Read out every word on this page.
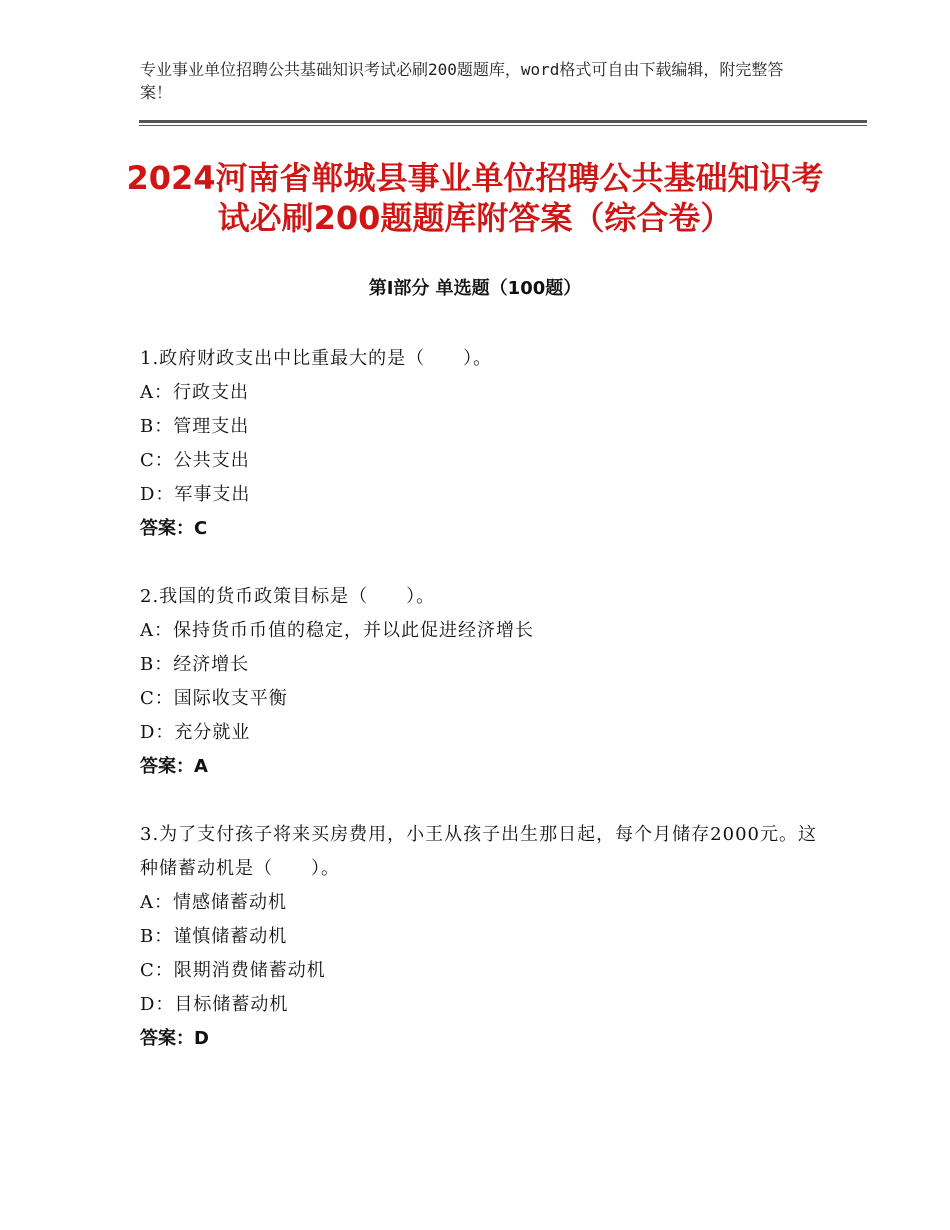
专业事业单位招聘公共基础知识考试必刷200题题库，word格式可自由下载编辑，附完整答案！
2024河南省郸城县事业单位招聘公共基础知识考试必刷200题题库附答案（综合卷）
第Ⅰ部分 单选题（100题）
1.政府财政支出中比重最大的是（　　）。
A：行政支出
B：管理支出
C：公共支出
D：军事支出
答案：C
2.我国的货币政策目标是（　　）。
A：保持货币币值的稳定，并以此促进经济增长
B：经济增长
C：国际收支平衡
D：充分就业
答案：A
3.为了支付孩子将来买房费用，小王从孩子出生那日起，每个月储存2000元。这种储蓄动机是（　　）。
A：情感储蓄动机
B：谨慎储蓄动机
C：限期消费储蓄动机
D：目标储蓄动机
答案：D
